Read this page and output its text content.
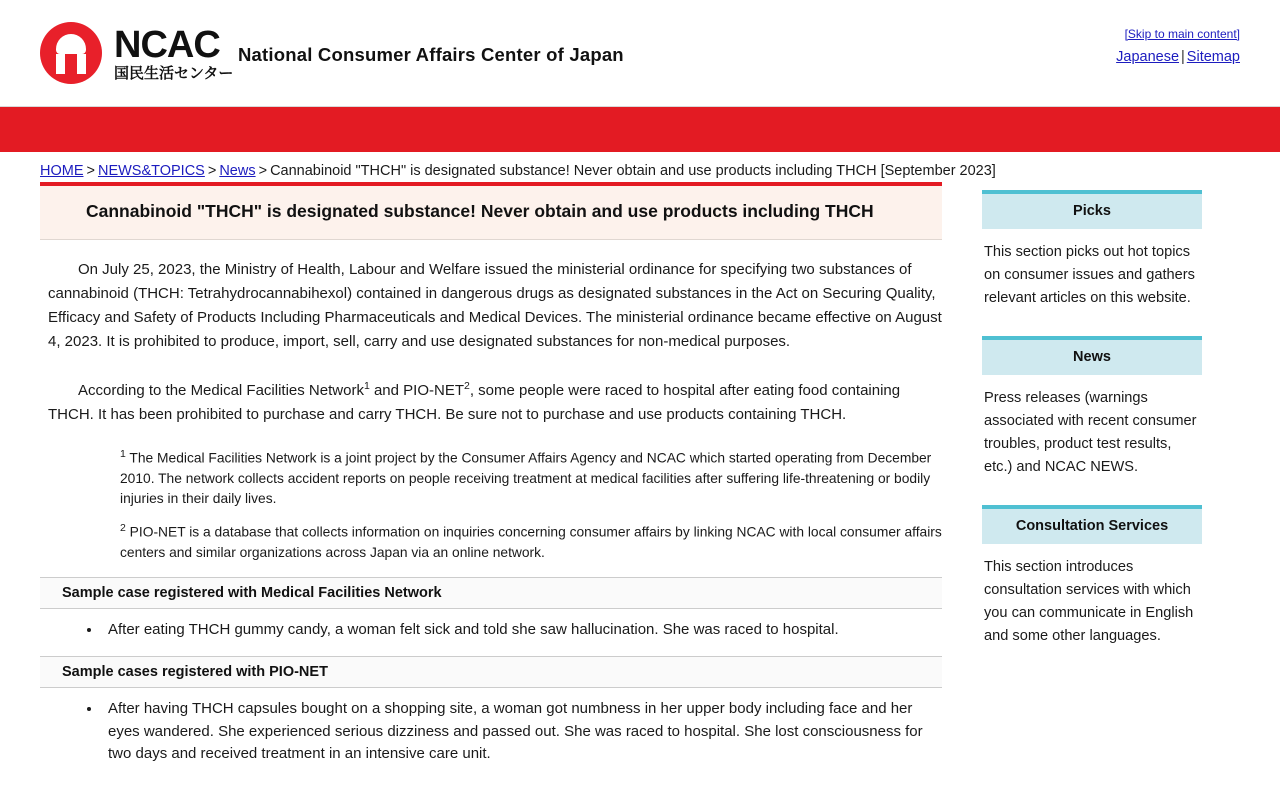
NCAC
国民生活センター
National Consumer Affairs Center of Japan
[Skip to main content]
Japanese | Sitemap
HOME > NEWS&TOPICS > News > Cannabinoid "THCH" is designated substance! Never obtain and use products including THCH [September 2023]
Cannabinoid "THCH" is designated substance! Never obtain and use products including THCH

On July 25, 2023, the Ministry of Health, Labour and Welfare issued the ministerial ordinance for specifying two substances of cannabinoid (THCH: Tetrahydrocannabihexol) contained in dangerous drugs as designated substances in the Act on Securing Quality, Efficacy and Safety of Products Including Pharmaceuticals and Medical Devices. The ministerial ordinance became effective on August 4, 2023. It is prohibited to produce, import, sell, carry and use designated substances for non-medical purposes.

According to the Medical Facilities Network$^1$ and PIO-NET$^2$, some people were raced to hospital after eating food containing THCH. It has been prohibited to purchase and carry THCH. Be sure not to purchase and use products containing THCH.

$^1$ The Medical Facilities Network is a joint project by the Consumer Affairs Agency and NCAC which started operating from December 2010. The network collects accident reports on people receiving treatment at medical facilities after suffering life-threatening or bodily injuries in their daily lives.
$^2$ PIO-NET is a database that collects information on inquiries concerning consumer affairs by linking NCAC with local consumer affairs centers and similar organizations across Japan via an online network.
Sample case registered with Medical Facilities Network
• After eating THCH gummy candy, a woman felt sick and told she saw hallucination. She was raced to hospital.
Sample cases registered with PIO-NET
• After having THCH capsules bought on a shopping site, a woman got numbness in her upper body including face and her eyes wandered. She experienced serious dizziness and passed out. She was raced to hospital. She lost consciousness for two days and received treatment in an intensive care unit.
Picks
This section picks out hot topics on consumer issues and gathers relevant articles on this website.
News
Press releases (warnings associated with recent consumer troubles, product test results, etc.) and NCAC NEWS.
Consultation Services
This section introduces consultation services with which you can communicate in English and some other languages.
